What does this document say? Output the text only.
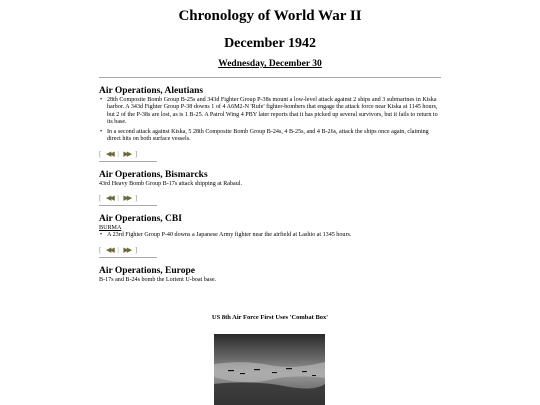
Chronology of World War II
December 1942
Wednesday, December 30
Air Operations, Aleutians
• 28th Composite Bomb Group B-25s and 343d Fighter Group P-38s mount a low-level attack against 2 ships and 3 submarines in Kiska harbor. A 343d Fighter Group P-38 downs 1 of 4 A6M2-N 'Rufe' fighter-bombers that engage the attack force near Kiska at 1145 hours, but 2 of the P-38s are lost, as is 1 B-25. A Patrol Wing 4 PBY later reports that it has picked up several survivors, but it fails to return to its base.
• In a second attack against Kiska, 5 28th Composite Bomb Group B-24s, 4 B-25s, and 4 B-26s, attack the ships once again, claiming direct hits on both surface vessels.
[ ◀◀ | ▶▶ ]
Air Operations, Bismarcks
43rd Heavy Bomb Group B-17s attack shipping at Rabaul.
[ ◀◀ | ▶▶ ]
Air Operations, CBI
BURMA
• A 23rd Fighter Group P-40 downs a Japanese Army fighter near the airfield at Lashio at 1345 hours.
[ ◀◀ | ▶▶ ]
Air Operations, Europe
B-17s and B-24s bomb the Lorient U-boat base.
US 8th Air Force First Uses 'Combat Box'
